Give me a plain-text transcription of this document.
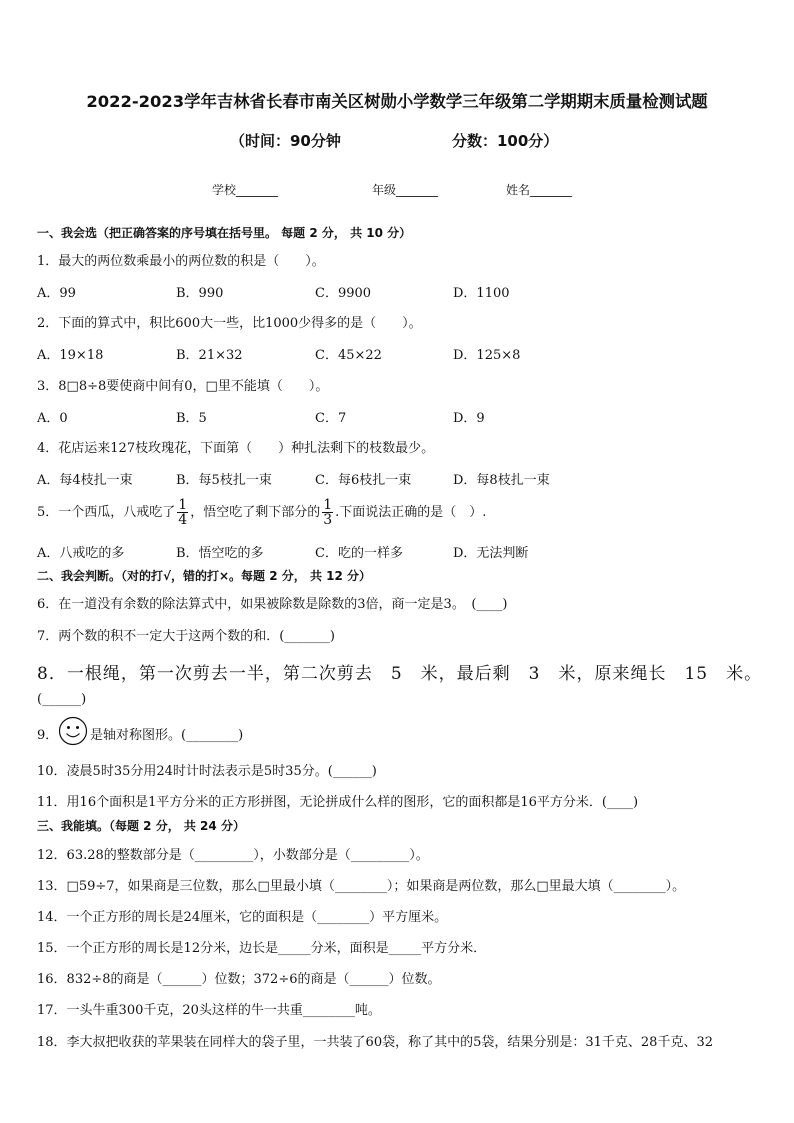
2022-2023学年吉林省长春市南关区树勋小学数学三年级第二学期期末质量检测试题
（时间：90分钟	分数：100分）
学校_______	年级_______	姓名_______
一、我会选（把正确答案的序号填在括号里。 每题 2 分， 共 10 分）
1．最大的两位数乘最小的两位数的积是（　　）。
A．99	B．990	C．9900	D．1100
2．下面的算式中，积比600大一些，比1000少得多的是（　　）。
A．19×18	B．21×32	C．45×22	D．125×8
3．8□8÷8要使商中间有0，□里不能填（　　）。
A．0	B．5	C．7	D．9
4．花店运来127枝玫瑰花，下面第（　　）种扎法剩下的枝数最少。
A．每4枝扎一束	B．每5枝扎一束	C．每6枝扎一束	D．每8枝扎一束
5．一个西瓜，八戒吃了 $\frac{1}{4}$ ，悟空吃了剩下部分的 $\frac{1}{3}$ .下面说法正确的是（　）.
A．八戒吃的多	B．悟空吃的多	C．吃的一样多	D．无法判断
二、我会判断。（对的打√，错的打×。每题 2 分， 共 12 分）
6．在一道没有余数的除法算式中，如果被除数是除数的3倍，商一定是3。　(____)
7．两个数的积不一定大于这两个数的和．(_______)
8．一根绳，第一次剪去一半，第二次剪去　5　米，最后剩　3　米，原来绳长　15　米。
(______)
9． 是轴对称图形。(________)
10．凌晨5时35分用24时计时法表示是5时35分。(______)
11．用16个面积是1平方分米的正方形拼图，无论拼成什么样的图形，它的面积都是16平方分米．(____)
三、我能填。（每题 2 分， 共 24 分）
12．63.28的整数部分是（_________），小数部分是（_________）。
13．□59÷7，如果商是三位数，那么□里最小填（________）；如果商是两位数，那么□里最大填（________）。
14．一个正方形的周长是24厘米，它的面积是（________）平方厘米。
15．一个正方形的周长是12分米，边长是_____分米，面积是_____平方分米．
16．832÷8的商是（______）位数；372÷6的商是（______）位数。
17．一头牛重300千克，20头这样的牛一共重________吨。
18．李大叔把收获的苹果装在同样大的袋子里，一共装了60袋，称了其中的5袋，结果分别是：31千克、28千克、32
